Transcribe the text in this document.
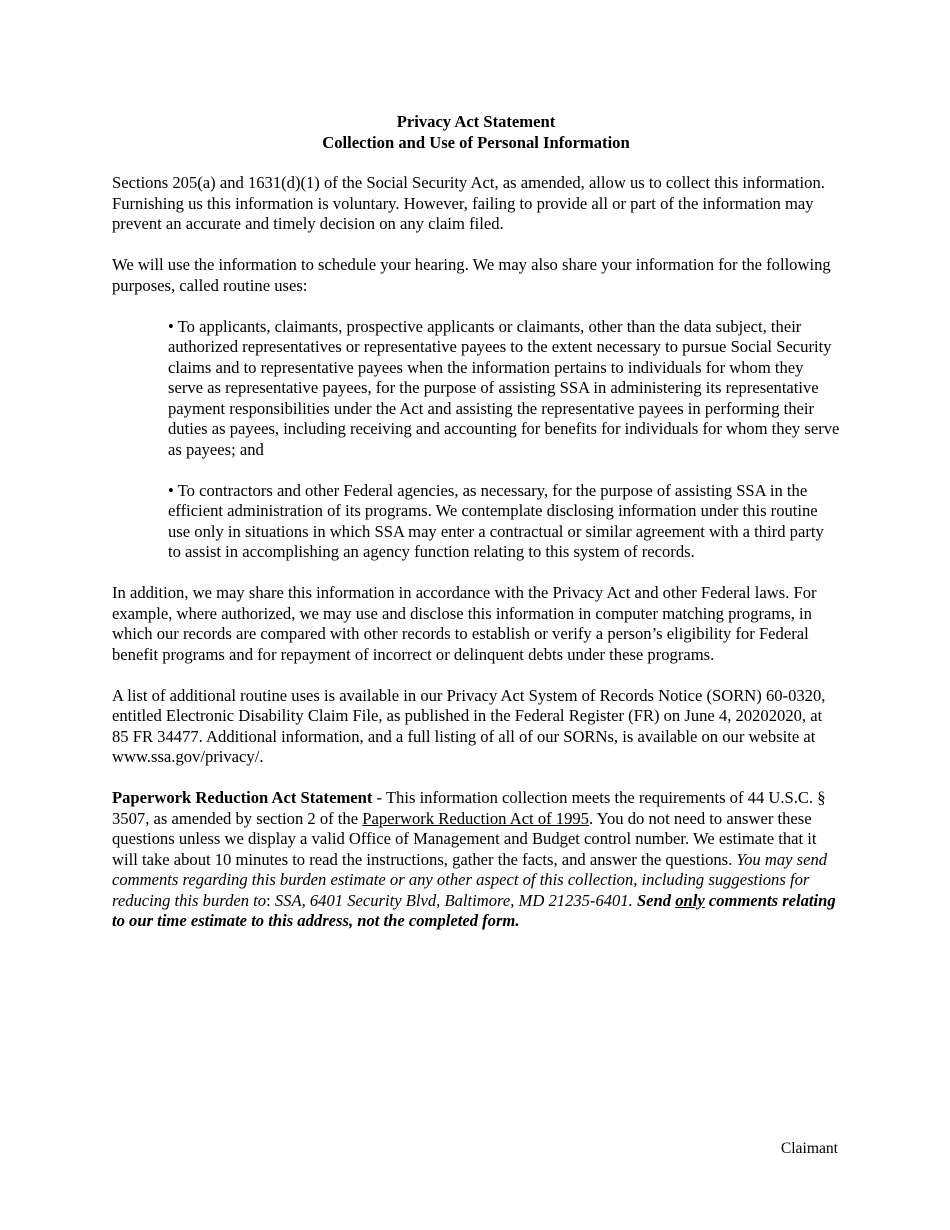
Privacy Act Statement
Collection and Use of Personal Information

Sections 205(a) and 1631(d)(1) of the Social Security Act, as amended, allow us to collect this information. Furnishing us this information is voluntary. However, failing to provide all or part of the information may prevent an accurate and timely decision on any claim filed.

We will use the information to schedule your hearing. We may also share your information for the following purposes, called routine uses:

• To applicants, claimants, prospective applicants or claimants, other than the data subject, their authorized representatives or representative payees to the extent necessary to pursue Social Security claims and to representative payees when the information pertains to individuals for whom they serve as representative payees, for the purpose of assisting SSA in administering its representative payment responsibilities under the Act and assisting the representative payees in performing their duties as payees, including receiving and accounting for benefits for individuals for whom they serve as payees; and

• To contractors and other Federal agencies, as necessary, for the purpose of assisting SSA in the efficient administration of its programs. We contemplate disclosing information under this routine use only in situations in which SSA may enter a contractual or similar agreement with a third party to assist in accomplishing an agency function relating to this system of records.

In addition, we may share this information in accordance with the Privacy Act and other Federal laws. For example, where authorized, we may use and disclose this information in computer matching programs, in which our records are compared with other records to establish or verify a person’s eligibility for Federal benefit programs and for repayment of incorrect or delinquent debts under these programs.

A list of additional routine uses is available in our Privacy Act System of Records Notice (SORN) 60-0320, entitled Electronic Disability Claim File, as published in the Federal Register (FR) on June 4, 20202020, at 85 FR 34477. Additional information, and a full listing of all of our SORNs, is available on our website at www.ssa.gov/privacy/.

Paperwork Reduction Act Statement - This information collection meets the requirements of 44 U.S.C. § 3507, as amended by section 2 of the Paperwork Reduction Act of 1995. You do not need to answer these questions unless we display a valid Office of Management and Budget control number. We estimate that it will take about 10 minutes to read the instructions, gather the facts, and answer the questions. You may send comments regarding this burden estimate or any other aspect of this collection, including suggestions for reducing this burden to: SSA, 6401 Security Blvd, Baltimore, MD 21235-6401. Send only comments relating to our time estimate to this address, not the completed form.

Claimant
